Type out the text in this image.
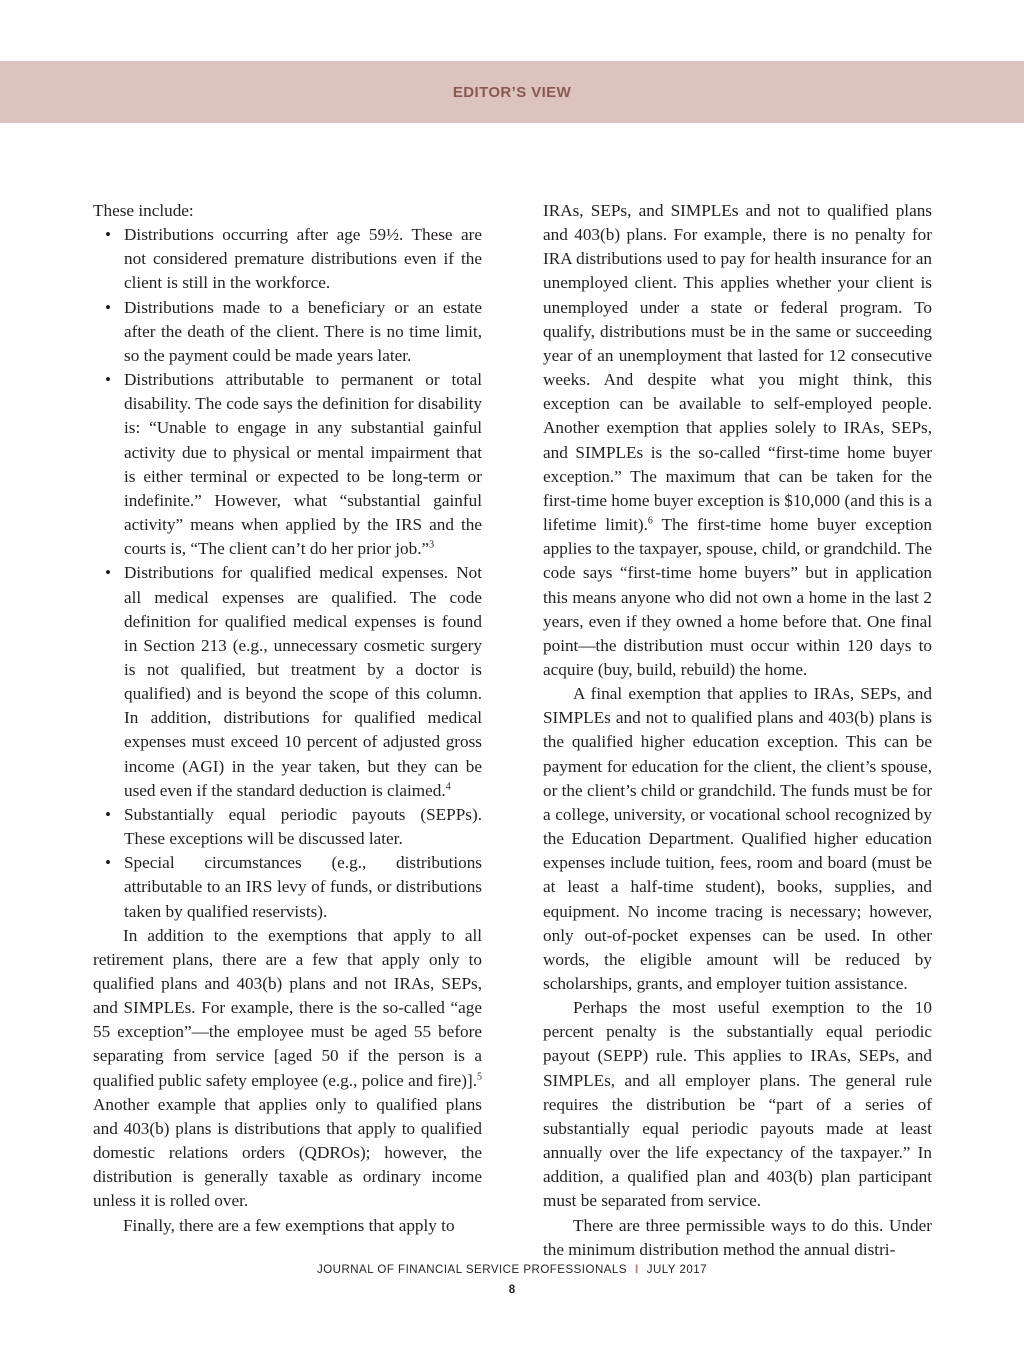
EDITOR’S VIEW

These include:

• Distributions occurring after age 59½. These are not considered premature distributions even if the client is still in the workforce.
• Distributions made to a beneficiary or an estate after the death of the client. There is no time limit, so the payment could be made years later.
• Distributions attributable to permanent or total disability. The code says the definition for disability is: “Unable to engage in any substantial gainful activity due to physical or mental impairment that is either terminal or expected to be long-term or indefinite.” However, what “substantial gainful activity” means when applied by the IRS and the courts is, “The client can’t do her prior job.”$^3$
• Distributions for qualified medical expenses. Not all medical expenses are qualified. The code definition for qualified medical expenses is found in Section 213 (e.g., unnecessary cosmetic surgery is not qualified, but treatment by a doctor is qualified) and is beyond the scope of this column. In addition, distributions for qualified medical expenses must exceed 10 percent of adjusted gross income (AGI) in the year taken, but they can be used even if the standard deduction is claimed.$^4$
• Substantially equal periodic payouts (SEPPs). These exceptions will be discussed later.
• Special circumstances (e.g., distributions attributable to an IRS levy of funds, or distributions taken by qualified reservists).

In addition to the exemptions that apply to all retirement plans, there are a few that apply only to qualified plans and 403(b) plans and not IRAs, SEPs, and SIMPLEs. For example, there is the so-called “age 55 exception”—the employee must be aged 55 before separating from service [aged 50 if the person is a qualified public safety employee (e.g., police and fire)].$^5$ Another example that applies only to qualified plans and 403(b) plans is distributions that apply to qualified domestic relations orders (QDROs); however, the distribution is generally taxable as ordinary income unless it is rolled over.

Finally, there are a few exemptions that apply to

IRAs, SEPs, and SIMPLEs and not to qualified plans and 403(b) plans. For example, there is no penalty for IRA distributions used to pay for health insurance for an unemployed client. This applies whether your client is unemployed under a state or federal program. To qualify, distributions must be in the same or succeeding year of an unemployment that lasted for 12 consecutive weeks. And despite what you might think, this exception can be available to self-employed people. Another exemption that applies solely to IRAs, SEPs, and SIMPLEs is the so-called “first-time home buyer exception.” The maximum that can be taken for the first-time home buyer exception is $10,000 (and this is a lifetime limit).$^6$ The first-time home buyer exception applies to the taxpayer, spouse, child, or grandchild. The code says “first-time home buyers” but in application this means anyone who did not own a home in the last 2 years, even if they owned a home before that. One final point—the distribution must occur within 120 days to acquire (buy, build, rebuild) the home.

A final exemption that applies to IRAs, SEPs, and SIMPLEs and not to qualified plans and 403(b) plans is the qualified higher education exception. This can be payment for education for the client, the client’s spouse, or the client’s child or grandchild. The funds must be for a college, university, or vocational school recognized by the Education Department. Qualified higher education expenses include tuition, fees, room and board (must be at least a half-time student), books, supplies, and equipment. No income tracing is necessary; however, only out-of-pocket expenses can be used. In other words, the eligible amount will be reduced by scholarships, grants, and employer tuition assistance.

Perhaps the most useful exemption to the 10 percent penalty is the substantially equal periodic payout (SEPP) rule. This applies to IRAs, SEPs, and SIMPLEs, and all employer plans. The general rule requires the distribution be “part of a series of substantially equal periodic payouts made at least annually over the life expectancy of the taxpayer.” In addition, a qualified plan and 403(b) plan participant must be separated from service.

There are three permissible ways to do this. Under the minimum distribution method the annual distri-

JOURNAL OF FINANCIAL SERVICE PROFESSIONALS I JULY 2017
8
